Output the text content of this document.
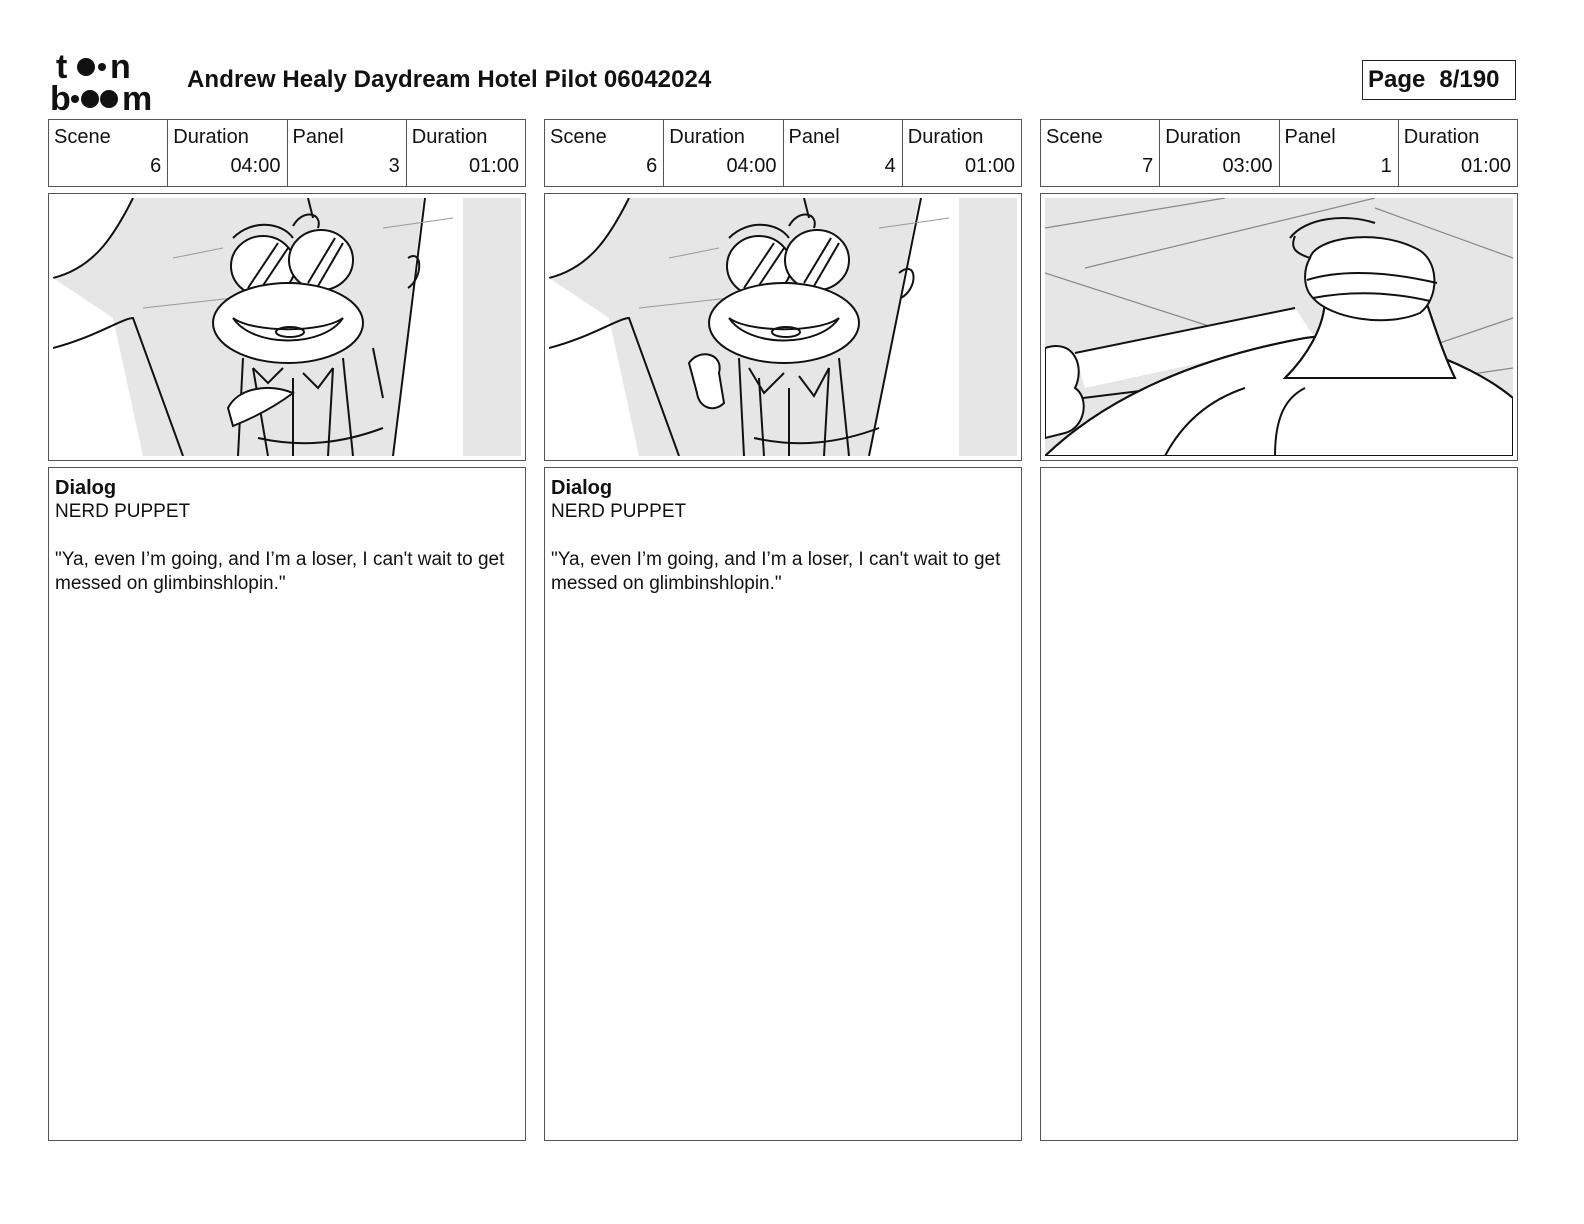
t n
b m
Andrew Healy Daydream Hotel Pilot 06042024	Page 8/190
Scene
6
Duration
04:00
Panel
3
Duration
01:00
Dialog
NERD PUPPET
"Ya, even I’m going, and I’m a loser, I can't wait to get messed on glimbinshlopin."
Scene
6
Duration
04:00
Panel
4
Duration
01:00
Dialog
NERD PUPPET
"Ya, even I’m going, and I’m a loser, I can't wait to get messed on glimbinshlopin."
Scene
7
Duration
03:00
Panel
1
Duration
01:00
